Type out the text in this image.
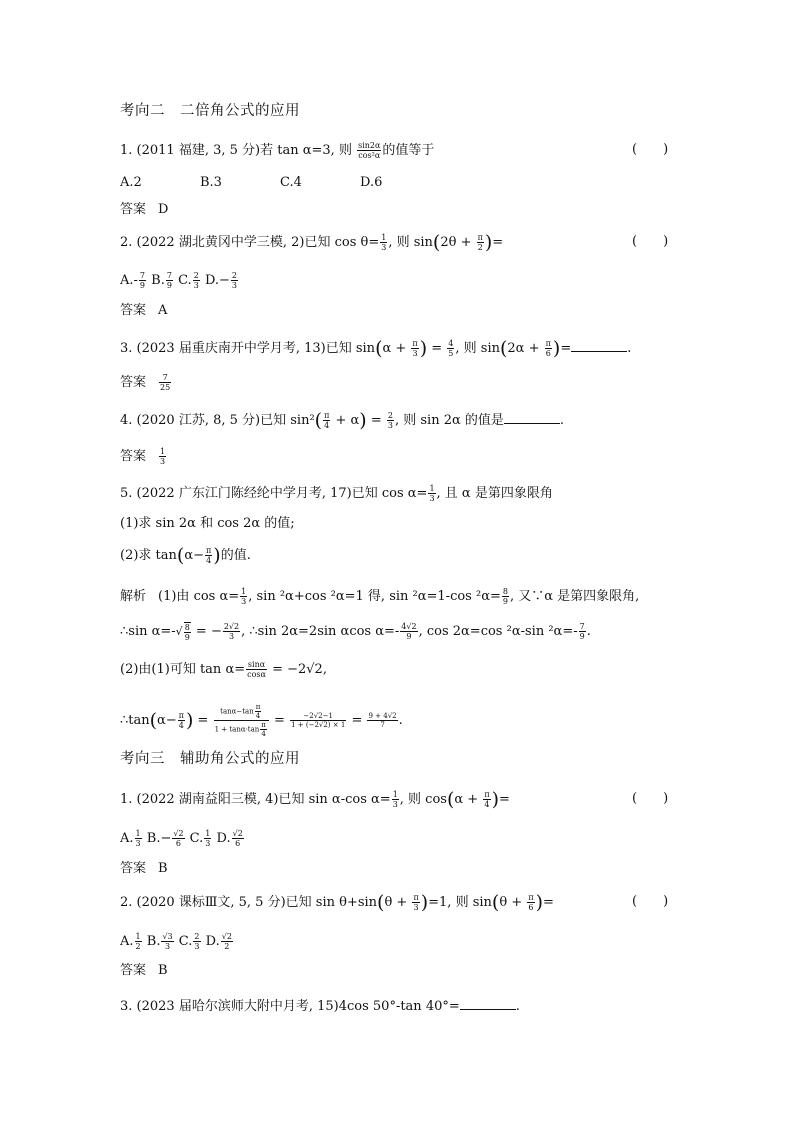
考向二　二倍角公式的应用
1. (2011 福建, 3, 5 分)若 tan α=3, 则 $\frac{\sin 2\alpha}{\text{cos²α}}$ 的值等于	(　　)
A.2	B.3	C.4	D.6
答案 D
2. (2022 湖北黄冈中学三模, 2)已知 $\cos \theta= \frac{1}{3}$ , 则 $\sin(2\theta + \frac{\pi}{2}$ )=	(　　)
$A.- \frac{7}{9} B$. $\frac{7}{9} C$. $\frac{2}{3} D.- \frac{2}{3}$
答案 A
3. (2023 届重庆南开中学月考, 13)已知 $\sin(\alpha + \frac{\pi}{3}$ ) = $\frac{4}{5}$ , 则 $\sin(2\alpha + \frac{\pi}{6}$ )=	.
答案 $\frac{7}{25}$
4. (2020 江苏, 8, 5 分)已知 $\sin^2( \frac{\pi}{4} + \alpha) = \frac{2}{3}$ , 则 sin 2α 的值是	.
答案 $\frac{1}{3}$
5. (2022 广东江门陈经纶中学月考, 17)已知 $\cos \alpha= \frac{1}{3}$ , 且 α 是第四象限角
(1)求 sin 2α 和 cos 2α 的值;
(2)求 $\tan(\alpha- \frac{\pi}{4}$ )的值.
解析 (1)由 $\cos \alpha= \frac{1}{3}$ , sin ²α+cos ²α=1 得, sin ²α=1-cos $^2\alpha= \frac{8}{9}$ , 又∵α 是第四象限角,
∴sin $\alpha=-√ \frac{8}{9}$ = − $\frac{2√2}{3}$ , ∴sin 2α=2sin αcos $\alpha=- \frac{4√2}{9}$ , cos 2α=cos ²α-sin $^2\alpha=- \frac{7}{9}$ .
(2)由(1)可知 $\tan \alpha= \frac{\sin\alpha}{\cos\alpha} = -2√2$,
∴tan(α− $\frac{\pi}{4}$ ) = $\frac{\tan\alpha-\tan \frac{\pi}{4}}{1 + \tan\alpha\cdot\tan \frac{\pi}{4}} = \frac{-2√2-1}{1 + (-2√2) \times 1} = \frac{9 + 4√2}{7}$ .
考向三　辅助角公式的应用
1. (2022 湖南益阳三模, 4)已知 sin α-cos $\alpha= \frac{1}{3}$ , 则 $\cos(\alpha + \frac{\pi}{4}$ )=	(　　)
A. $\frac{1}{3} B.- \frac{√2}{6} C$. $\frac{1}{3} D$. $\frac{√2}{6}$
答案 B
2. (2020 课标Ⅲ文, 5, 5 分)已知 $\sin \theta+\sin(\theta + \frac{\pi}{3} )=1$, 则 $\sin(\theta + \frac{\pi}{6}$ )=	(　　)
A. $\frac{1}{2} B$. $\frac{√3}{3} C$. $\frac{2}{3} D$. $\frac{√2}{2}$
答案 B
3. (2023 届哈尔滨师大附中月考, 15)4cos 50°-tan 40°=	.
